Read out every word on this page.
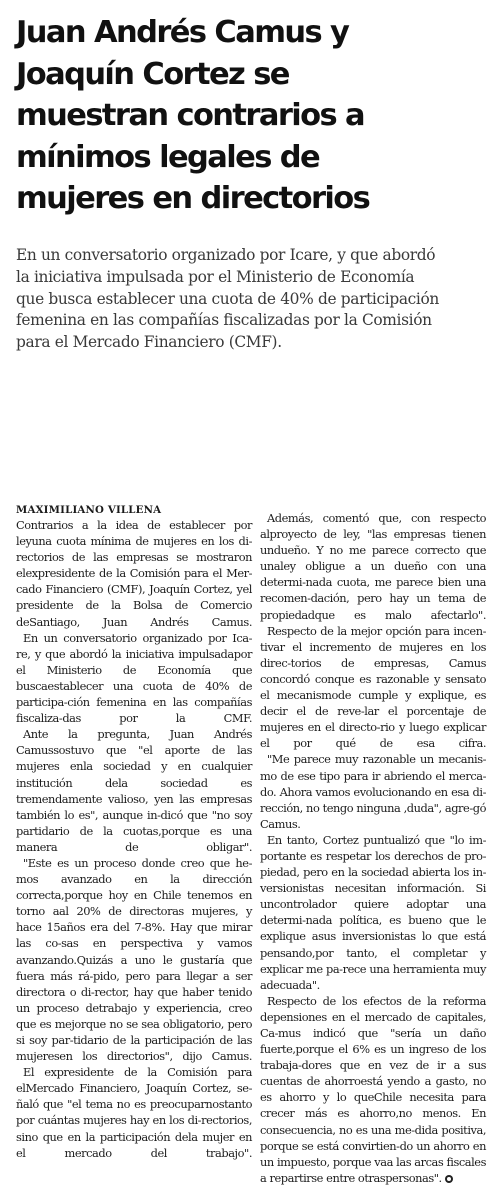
Juan Andrés Camus y
Joaquín Cortez se
muestran contrarios a
mínimos legales de
mujeres en directorios

En un conversatorio organizado por Icare, y que abordó
la iniciativa impulsada por el Ministerio de Economía
que busca establecer una cuota de 40% de participación
femenina en las compañías fiscalizadas por la Comisión
para el Mercado Financiero (CMF).

MAXIMILIANO VILLENA

Contrarios a la idea de establecer por leyuna cuota mínima de mujeres en los di-rectorios de las empresas se mostraron elexpresidente de la Comisión para el Mer-cado Financiero (CMF), Joaquín Cortez, yel presidente de la Bolsa de Comercio deSantiago, Juan Andrés Camus.

En un conversatorio organizado por Ica-re, y que abordó la iniciativa impulsadapor el Ministerio de Economía que buscaestablecer una cuota de 40% de participa-ción femenina en las compañías fiscaliza-das por la CMF.

Ante la pregunta, Juan Andrés Camussostuvo que "el aporte de las mujeres enla sociedad y en cualquier institución dela sociedad es tremendamente valioso, yen las empresas también lo es", aunque in-dicó que "no soy partidario de la cuotas,porque es una manera de obligar".

"Este es un proceso donde creo que he-mos avanzado en la dirección correcta,porque hoy en Chile tenemos en torno aal 20% de directoras mujeres, y hace 15años era del 7-8%. Hay que mirar las co-sas en perspectiva y vamos avanzando.Quizás a uno le gustaría que fuera más rá-pido, pero para llegar a ser directora o di-rector, hay que haber tenido un proceso detrabajo y experiencia, creo que es mejorque no se sea obligatorio, pero si soy par-tidario de la participación de las mujeresen los directorios", dijo Camus.

El expresidente de la Comisión para elMercado Financiero, Joaquín Cortez, se-ñaló que "el tema no es preocuparnostanto por cuántas mujeres hay en los di-rectorios, sino que en la participación dela mujer en el mercado del trabajo".

Además, comentó que, con respecto alproyecto de ley, "las empresas tienen undueño. Y no me parece correcto que unaley obligue a un dueño con una determi-nada cuota, me parece bien una recomen-dación, pero hay un tema de propiedadque es malo afectarlo".

Respecto de la mejor opción para incen-tivar el incremento de mujeres en los direc-torios de empresas, Camus concordó conque es razonable y sensato el mecanismode cumple y explique, es decir el de reve-lar el porcentaje de mujeres en el directo-rio y luego explicar el por qué de esa cifra.

"Me parece muy razonable un mecanis-mo de ese tipo para ir abriendo el merca-do. Ahora vamos evolucionando en esa di-rección, no tengo ninguna ,duda", agre-gó Camus.

En tanto, Cortez puntualizó que "lo im-portante es respetar los derechos de pro-piedad, pero en la sociedad abierta los in-versionistas necesitan información. Si uncontrolador quiere adoptar una determi-nada política, es bueno que le explique asus inversionistas lo que está pensando,por tanto, el completar y explicar me pa-rece una herramienta muy adecuada".

Respecto de los efectos de la reforma depensiones en el mercado de capitales, Ca-mus indicó que "sería un daño fuerte,porque el 6% es un ingreso de los trabaja-dores que en vez de ir a sus cuentas de ahorroestá yendo a gasto, no es ahorro y lo queChile necesita para crecer más es ahorro,no menos. En consecuencia, no es una me-dida positiva, porque se está convirtien-do un ahorro en un impuesto, porque vaa las arcas fiscales a repartirse entre otraspersonas".
